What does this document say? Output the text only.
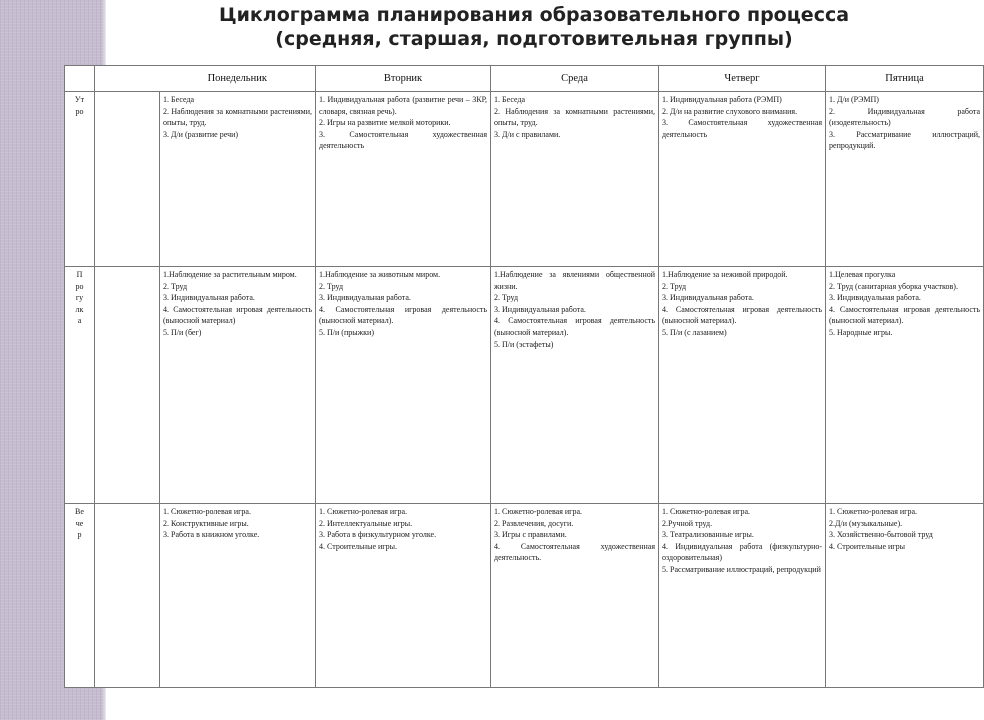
Циклограмма планирования образовательного процесса
(средняя, старшая, подготовительная группы)
		Понедельник	Вторник	Среда	Четверг	Пятница

Ут
ро		1. Беседа
2. Наблюдения за комнатными растениями, опыты, труд.
3. Д/и (развитие речи)	1. Индивидуальная работа (развитие речи – ЗКР, словаря, связная речь).
2. Игры на развитие мелкой моторики.
3. Самостоятельная художественная деятельность	1. Беседа
2. Наблюдения за комнатными растениями, опыты, труд.
3. Д/и с правилами.	1. Индивидуальная работа (РЭМП)
2. Д/и на развитие слухового внимания.
3. Самостоятельная художественная деятельность	1. Д/и (РЭМП)
2. Индивидуальная работа (изодеятельность)
3. Рассматривание иллюстраций, репродукций.

П
ро
гу
лк
а		1.Наблюдение за растительным миром.
2. Труд
3. Индивидуальная работа.
4. Самостоятельная игровая деятельность (выносной материал)
5. П/и (бег)	1.Наблюдение за животным миром.
2. Труд
3. Индивидуальная работа.
4. Самостоятельная игровая деятельность (выносной материал).
5. П/и (прыжки)	1.Наблюдение за явлениями общественной жизни.
2. Труд
3. Индивидуальная работа.
4. Самостоятельная игровая деятельность (выносной материал).
5. П/и (эстафеты)	1.Наблюдение за неживой природой.
2. Труд
3. Индивидуальная работа.
4. Самостоятельная игровая деятельность (выносной материал).
5. П/и (с лазанием)	1.Целевая прогулка
2. Труд (санитарная уборка участков).
3. Индивидуальная работа.
4. Самостоятельная игровая деятельность (выносной материал).
5. Народные игры.

Ве
че
р		1. Сюжетно-ролевая игра.
2. Конструктивные игры.
3. Работа в книжном уголке.	1. Сюжетно-ролевая игра.
2. Интеллектуальные игры.
3. Работа в физкультурном уголке.
4. Строительные игры.	1. Сюжетно-ролевая игра.
2. Развлечения, досуги.
3. Игры с правилами.
4. Самостоятельная художественная деятельность.	1. Сюжетно-ролевая игра.
2.Ручной труд.
3. Театрализованные игры.
4. Индивидуальная работа (физкультурно-оздоровительная)
5. Рассматривание иллюстраций, репродукций	1. Сюжетно-ролевая игра.
2.Д/и (музыкальные).
3. Хозяйственно-бытовой труд
4. Строительные игры
